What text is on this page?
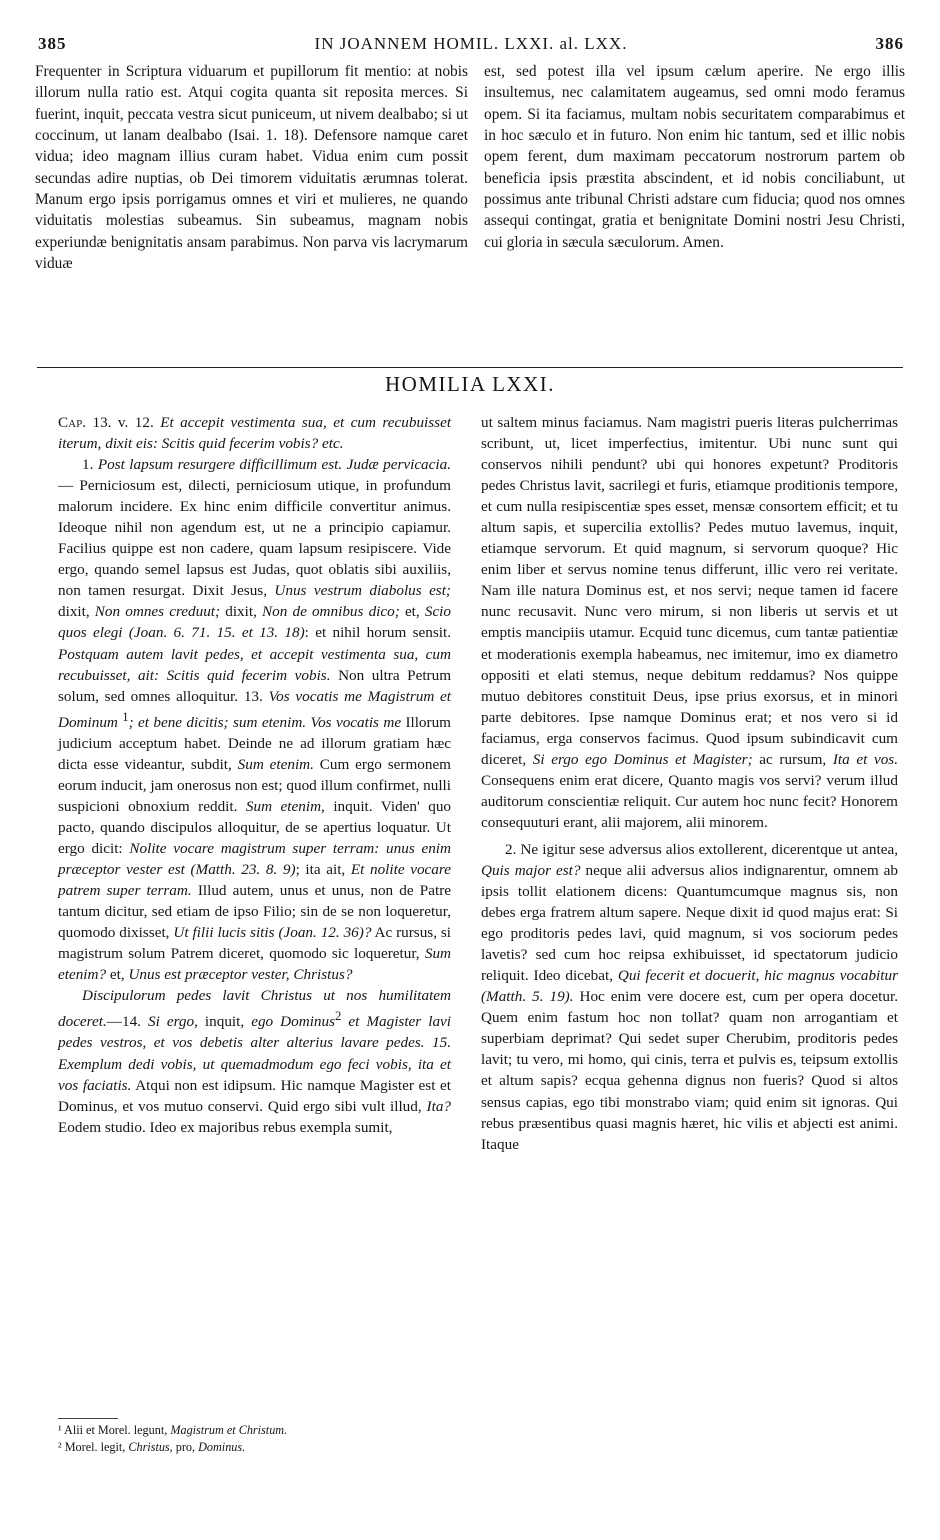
385	IN JOANNEM HOMIL. LXXI. al. LXX.	386

Frequenter in Scriptura viduarum et pupillorum fit mentio: at nobis illorum nulla ratio est. Atqui cogita quanta sit reposita merces. Si fuerint, inquit, peccata vestra sicut puniceum, ut nivem dealbabo; si ut coccinum, ut lanam dealbabo (Isai. 1. 18). Defensore namque caret vidua; ideo magnam illius curam habet. Vidua enim cum possit secundas adire nuptias, ob Dei timorem viduitatis ærumnas tolerat. Manum ergo ipsis porrigamus omnes et viri et mulieres, ne quando viduitatis molestias subeamus. Sin subeamus, magnam nobis experiundæ benignitatis ansam parabimus. Non parva vis lacrymarum viduæ

est, sed potest illa vel ipsum cælum aperire. Ne ergo illis insultemus, nec calamitatem augeamus, sed omni modo feramus opem. Si ita faciamus, multam nobis securitatem comparabimus et in hoc sæculo et in futuro. Non enim hic tantum, sed et illic nobis opem ferent, dum maximam peccatorum nostrorum partem ob beneficia ipsis præstita abscindent, et id nobis conciliabunt, ut possimus ante tribunal Christi adstare cum fiducia; quod nos omnes assequi contingat, gratia et benignitate Domini nostri Jesu Christi, cui gloria in sæcula sæculorum. Amen.

HOMILIA LXXI.

Cap. 13. v. 12. Et accepit vestimenta sua, et cum recubuisset iterum, dixit eis: Scitis quid fecerim vobis? etc.

1. Post lapsum resurgere difficillimum est. Judæ pervicacia. — Perniciosum est, dilecti, perniciosum utique, in profundum malorum incidere. Ex hinc enim difficile convertitur animus. Ideoque nihil non agendum est, ut ne a principio capiamur. Facilius quippe est non cadere, quam lapsum resipiscere. Vide ergo, quando semel lapsus est Judas, quot oblatis sibi auxiliis, non tamen resurgat. Dixit Jesus, Unus vestrum diabolus est; dixit, Non omnes creduut; dixit, Non de omnibus dico; et, Scio quos elegi (Joan. 6. 71. 15. et 13. 18): et nihil horum sensit. Postquam autem lavit pedes, et accepit vestimenta sua, cum recubuisset, ait: Scitis quid fecerim vobis. Non ultra Petrum solum, sed omnes alloquitur. 13. Vos vocatis me Magistrum et Dominum $^1$; et bene dicitis; sum etenim. Vos vocatis me Illorum judicium acceptum habet. Deinde ne ad illorum gratiam hæc dicta esse videantur, subdit, Sum etenim. Cum ergo sermonem eorum inducit, jam onerosus non est; quod illum confirmet, nulli suspicioni obnoxium reddit. Sum etenim, inquit. Viden' quo pacto, quando discipulos alloquitur, de se apertius loquatur. Ut ergo dicit: Nolite vocare magistrum super terram: unus enim præceptor vester est (Matth. 23. 8. 9); ita ait, Et nolite vocare patrem super terram. Illud autem, unus et unus, non de Patre tantum dicitur, sed etiam de ipso Filio; sin de se non loqueretur, quomodo dixisset, Ut filii lucis sitis (Joan. 12. 36)? Ac rursus, si magistrum solum Patrem diceret, quomodo sic loqueretur, Sum etenim? et, Unus est præceptor vester, Christus?

Discipulorum pedes lavit Christus ut nos humilitatem doceret.—14. Si ergo, inquit, ego Dominus$^2$ et Magister lavi pedes vestros, et vos debetis alter alterius lavare pedes. 15. Exemplum dedi vobis, ut quemadmodum ego feci vobis, ita et vos faciatis. Atqui non est idipsum. Hic namque Magister est et Dominus, et vos mutuo conservi. Quid ergo sibi vult illud, Ita? Eodem studio. Ideo ex majoribus rebus exempla sumit,

ut saltem minus faciamus. Nam magistri pueris literas pulcherrimas scribunt, ut, licet imperfectius, imitentur. Ubi nunc sunt qui conservos nihili pendunt? ubi qui honores expetunt? Proditoris pedes Christus lavit, sacrilegi et furis, etiamque proditionis tempore, et cum nulla resipiscentiæ spes esset, mensæ consortem efficit; et tu altum sapis, et supercilia extollis? Pedes mutuo lavemus, inquit, etiamque servorum. Et quid magnum, si servorum quoque? Hic enim liber et servus nomine tenus differunt, illic vero rei veritate. Nam ille natura Dominus est, et nos servi; neque tamen id facere nunc recusavit. Nunc vero mirum, si non liberis ut servis et ut emptis mancipiis utamur. Ecquid tunc dicemus, cum tantæ patientiæ et moderationis exempla habeamus, nec imitemur, imo ex diametro oppositi et elati stemus, neque debitum reddamus? Nos quippe mutuo debitores constituit Deus, ipse prius exorsus, et in minori parte debitores. Ipse namque Dominus erat; et nos vero si id faciamus, erga conservos facimus. Quod ipsum subindicavit cum diceret, Si ergo ego Dominus et Magister; ac rursum, Ita et vos. Consequens enim erat dicere, Quanto magis vos servi? verum illud auditorum conscientiæ reliquit. Cur autem hoc nunc fecit? Honorem consequuturi erant, alii majorem, alii minorem.

2. Ne igitur sese adversus alios extollerent, dicerentque ut antea, Quis major est? neque alii adversus alios indignarentur, omnem ab ipsis tollit elationem dicens: Quantumcumque magnus sis, non debes erga fratrem altum sapere. Neque dixit id quod majus erat: Si ego proditoris pedes lavi, quid magnum, si vos sociorum pedes lavetis? sed cum hoc reipsa exhibuisset, id spectatorum judicio reliquit. Ideo dicebat, Qui fecerit et docuerit, hic magnus vocabitur (Matth. 5. 19). Hoc enim vere docere est, cum per opera docetur. Quem enim fastum hoc non tollat? quam non arrogantiam et superbiam deprimat? Qui sedet super Cherubim, proditoris pedes lavit; tu vero, mi homo, qui cinis, terra et pulvis es, teipsum extollis et altum sapis? ecqua gehenna dignus non fueris? Quod si altos sensus capias, ego tibi monstrabo viam; quid enim sit ignoras. Qui rebus præsentibus quasi magnis hæret, hic vilis et abjecti est animi. Itaque

¹ Alii et Morel. legunt, Magistrum et Christum.

² Morel. legit, Christus, pro, Dominus.
